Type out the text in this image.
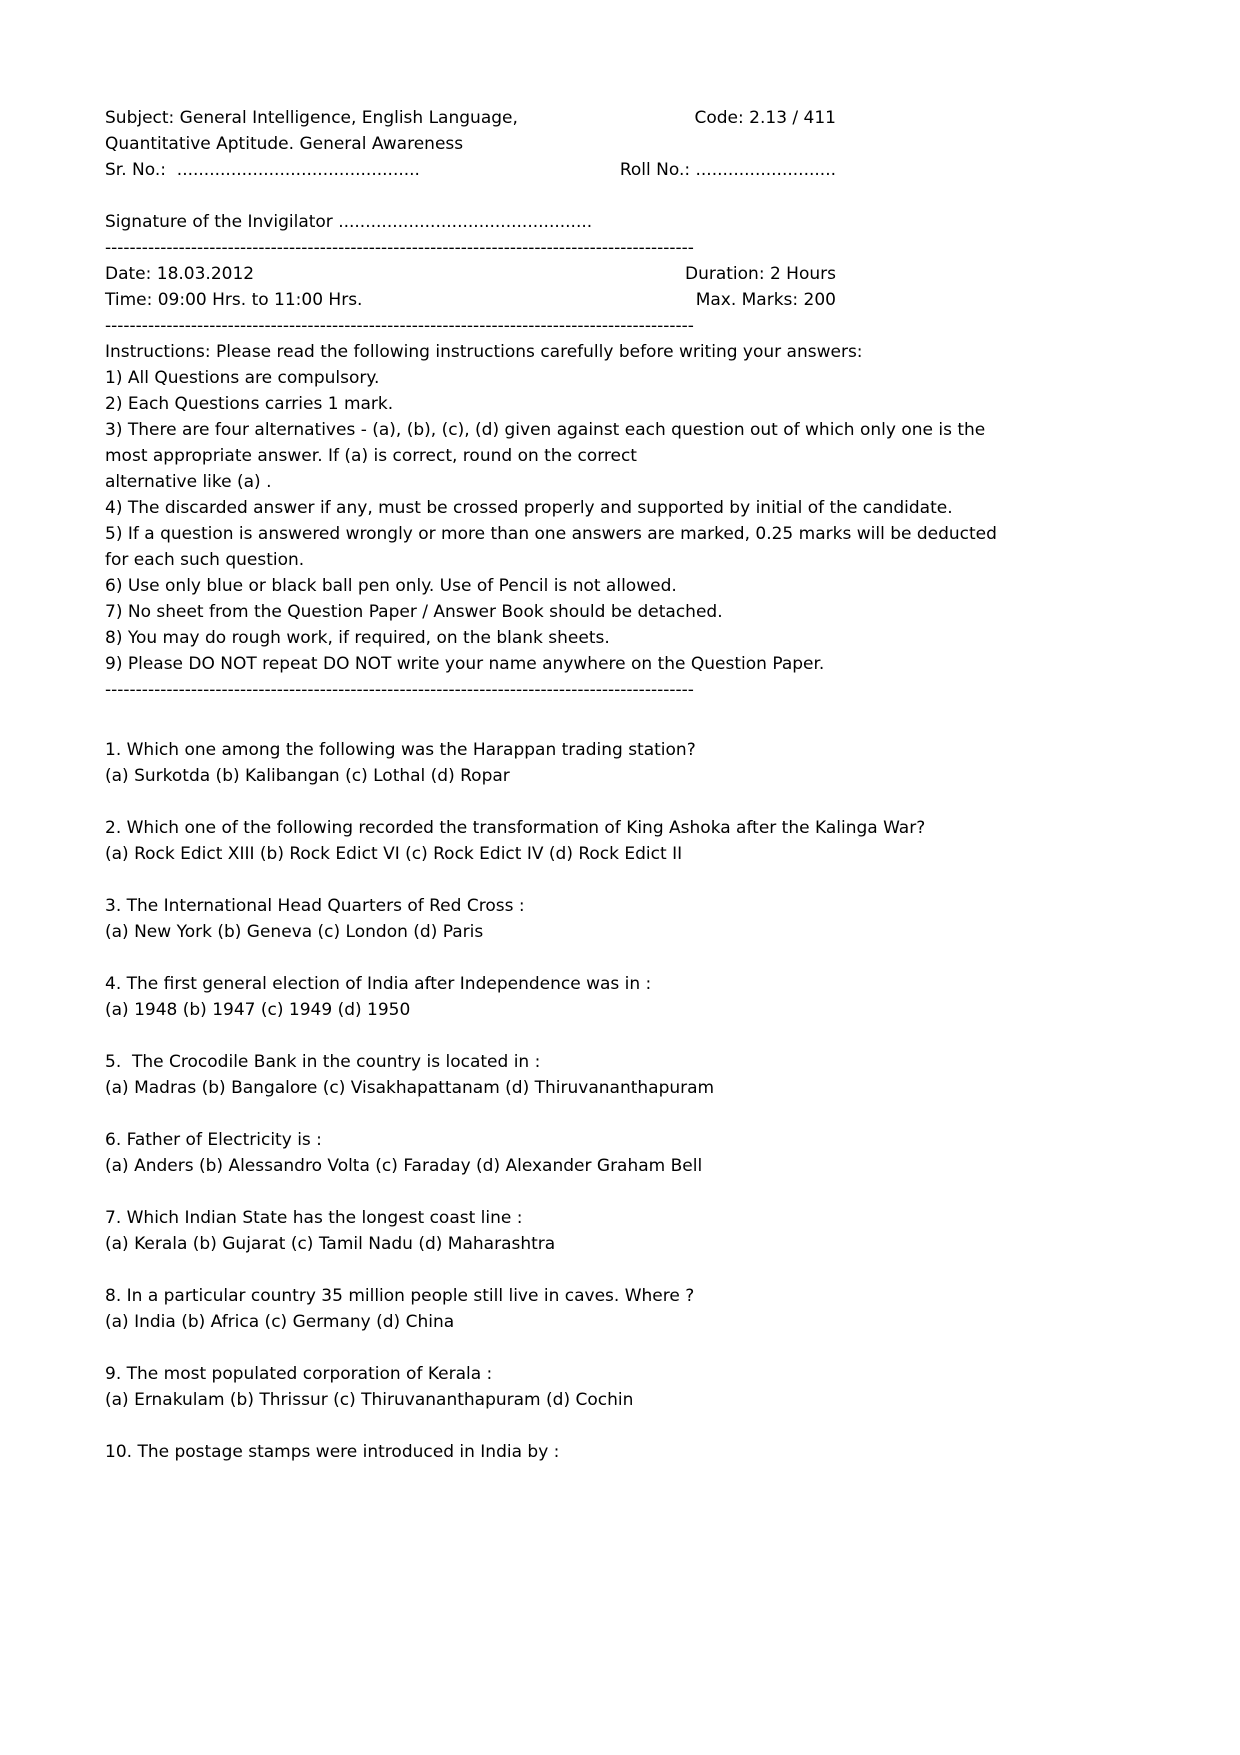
Subject: General Intelligence, English Language,	Code: 2.13 / 411
Quantitative Aptitude. General Awareness
Sr. No.:  .............................................	Roll No.: ..........................
Signature of the Invigilator ...............................................
------------------------------------------------------------------------------------------------
Date: 18.03.2012	Duration: 2 Hours
Time: 09:00 Hrs. to 11:00 Hrs.	Max. Marks: 200
------------------------------------------------------------------------------------------------
Instructions: Please read the following instructions carefully before writing your answers:
1) All Questions are compulsory.
2) Each Questions carries 1 mark.
3) There are four alternatives - (a), (b), (c), (d) given against each question out of which only one is the
most appropriate answer. If (a) is correct, round on the correct
alternative like (a) .
4) The discarded answer if any, must be crossed properly and supported by initial of the candidate.
5) If a question is answered wrongly or more than one answers are marked, 0.25 marks will be deducted
for each such question.
6) Use only blue or black ball pen only. Use of Pencil is not allowed.
7) No sheet from the Question Paper / Answer Book should be detached.
8) You may do rough work, if required, on the blank sheets.
9) Please DO NOT repeat DO NOT write your name anywhere on the Question Paper.
------------------------------------------------------------------------------------------------
1. Which one among the following was the Harappan trading station?
(a) Surkotda (b) Kalibangan (c) Lothal (d) Ropar
2. Which one of the following recorded the transformation of King Ashoka after the Kalinga War?
(a) Rock Edict XIII (b) Rock Edict VI (c) Rock Edict IV (d) Rock Edict II
3. The International Head Quarters of Red Cross :
(a) New York (b) Geneva (c) London (d) Paris
4. The first general election of India after Independence was in :
(a) 1948 (b) 1947 (c) 1949 (d) 1950
5.  The Crocodile Bank in the country is located in :
(a) Madras (b) Bangalore (c) Visakhapattanam (d) Thiruvananthapuram
6. Father of Electricity is :
(a) Anders (b) Alessandro Volta (c) Faraday (d) Alexander Graham Bell
7. Which Indian State has the longest coast line :
(a) Kerala (b) Gujarat (c) Tamil Nadu (d) Maharashtra
8. In a particular country 35 million people still live in caves. Where ?
(a) India (b) Africa (c) Germany (d) China
9. The most populated corporation of Kerala :
(a) Ernakulam (b) Thrissur (c) Thiruvananthapuram (d) Cochin
10. The postage stamps were introduced in India by :
